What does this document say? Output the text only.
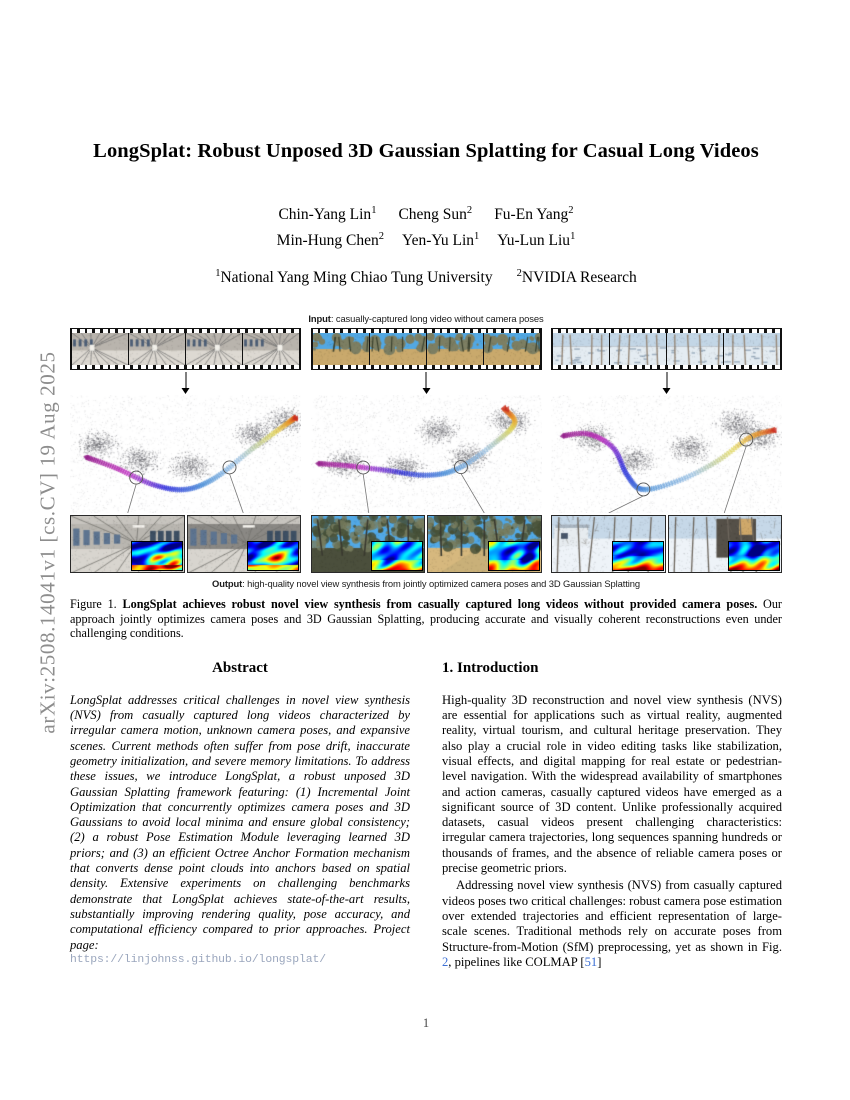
arXiv:2508.14041v1 [cs.CV] 19 Aug 2025
LongSplat: Robust Unposed 3D Gaussian Splatting for Casual Long Videos
Chin-Yang Lin$^1$ Cheng Sun$^2$ Fu-En Yang$^2$
Min-Hung Chen$^2$ Yen-Yu Lin$^1$ Yu-Lun Liu$^1$
$^1$National Yang Ming Chiao Tung University $^2$NVIDIA Research
Input: casually-captured long video without camera poses
Output: high-quality novel view synthesis from jointly optimized camera poses and 3D Gaussian Splatting
Figure 1. LongSplat achieves robust novel view synthesis from casually captured long videos without provided camera poses. Our approach jointly optimizes camera poses and 3D Gaussian Splatting, producing accurate and visually coherent reconstructions even under challenging conditions.
Abstract
LongSplat addresses critical challenges in novel view synthesis (NVS) from casually captured long videos characterized by irregular camera motion, unknown camera poses, and expansive scenes. Current methods often suffer from pose drift, inaccurate geometry initialization, and severe memory limitations. To address these issues, we introduce LongSplat, a robust unposed 3D Gaussian Splatting framework featuring: (1) Incremental Joint Optimization that concurrently optimizes camera poses and 3D Gaussians to avoid local minima and ensure global consistency; (2) a robust Pose Estimation Module leveraging learned 3D priors; and (3) an efficient Octree Anchor Formation mechanism that converts dense point clouds into anchors based on spatial density. Extensive experiments on challenging benchmarks demonstrate that LongSplat achieves state-of-the-art results, substantially improving rendering quality, pose accuracy, and computational efficiency compared to prior approaches. Project page:
https://linjohnss.github.io/longsplat/
1. Introduction

High-quality 3D reconstruction and novel view synthesis (NVS) are essential for applications such as virtual reality, augmented reality, virtual tourism, and cultural heritage preservation. They also play a crucial role in video editing tasks like stabilization, visual effects, and digital mapping for real estate or pedestrian-level navigation. With the widespread availability of smartphones and action cameras, casually captured videos have emerged as a significant source of 3D content. Unlike professionally acquired datasets, casual videos present challenging characteristics: irregular camera trajectories, long sequences spanning hundreds or thousands of frames, and the absence of reliable camera poses or precise geometric priors.

Addressing novel view synthesis (NVS) from casually captured videos poses two critical challenges: robust camera pose estimation over extended trajectories and efficient representation of large-scale scenes. Traditional methods rely on accurate poses from Structure-from-Motion (SfM) preprocessing, yet as shown in Fig. 2, pipelines like COLMAP [51]

1
